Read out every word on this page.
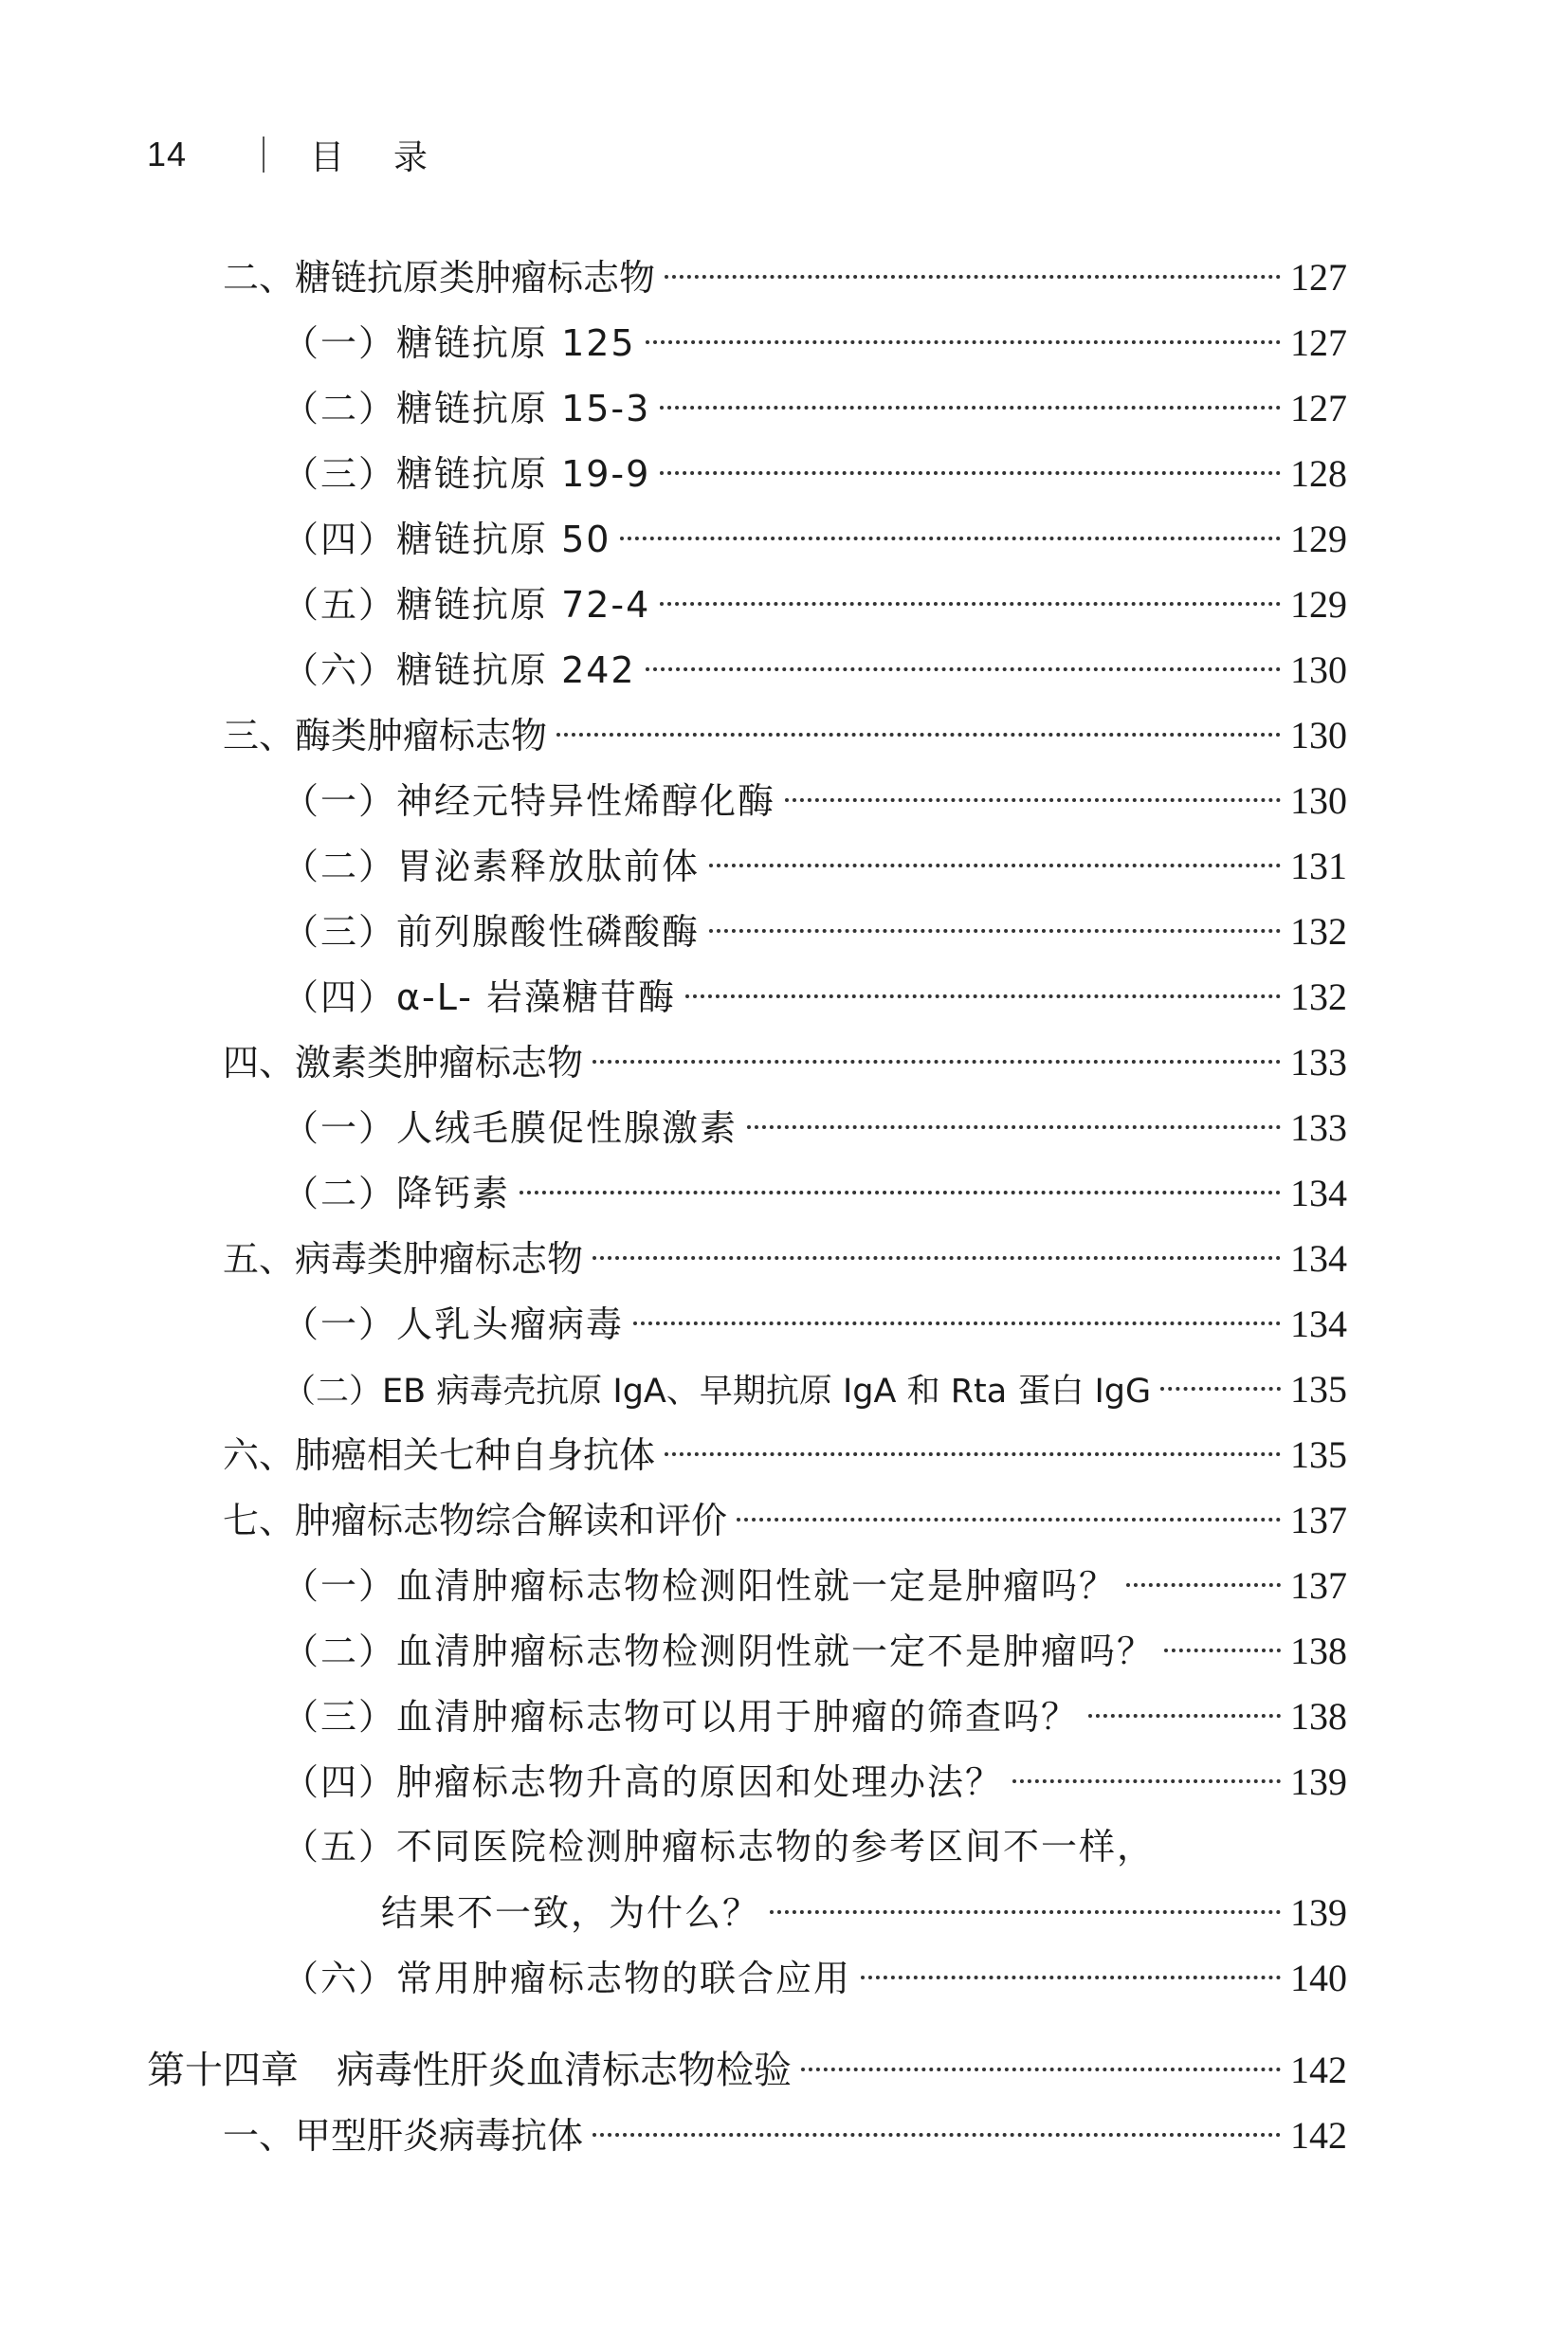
14	目录
二、糖链抗原类肿瘤标志物	127
（一）糖链抗原 125	127
（二）糖链抗原 15-3	127
（三）糖链抗原 19-9	128
（四）糖链抗原 50	129
（五）糖链抗原 72-4	129
（六）糖链抗原 242	130
三、酶类肿瘤标志物	130
（一）神经元特异性烯醇化酶	130
（二）胃泌素释放肽前体	131
（三）前列腺酸性磷酸酶	132
（四）α-L- 岩藻糖苷酶	132
四、激素类肿瘤标志物	133
（一）人绒毛膜促性腺激素	133
（二）降钙素	134
五、病毒类肿瘤标志物	134
（一）人乳头瘤病毒	134
（二）EB 病毒壳抗原 IgA、早期抗原 IgA 和 Rta 蛋白 IgG	135
六、肺癌相关七种自身抗体	135
七、肿瘤标志物综合解读和评价	137
（一）血清肿瘤标志物检测阳性就一定是肿瘤吗？	137
（二）血清肿瘤标志物检测阴性就一定不是肿瘤吗？	138
（三）血清肿瘤标志物可以用于肿瘤的筛查吗？	138
（四）肿瘤标志物升高的原因和处理办法？	139
（五）不同医院检测肿瘤标志物的参考区间不一样，
结果不一致，为什么？	139
（六）常用肿瘤标志物的联合应用	140
第十四章　病毒性肝炎血清标志物检验	142
一、甲型肝炎病毒抗体	142
